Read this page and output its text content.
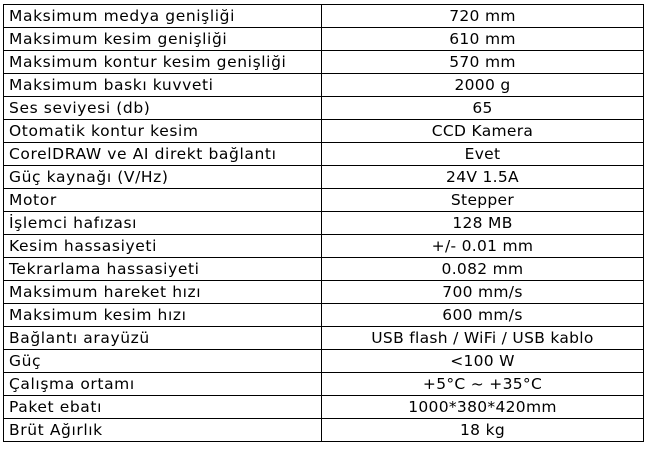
Maksimum medya genişliği	720 mm
Maksimum kesim genişliği	610 mm
Maksimum kontur kesim genişliği	570 mm
Maksimum baskı kuvveti	2000 g
Ses seviyesi (db)	65
Otomatik kontur kesim	CCD Kamera
CorelDRAW ve AI direkt bağlantı	Evet
Güç kaynağı (V/Hz)	24V 1.5A
Motor	Stepper
İşlemci hafızası	128 MB
Kesim hassasiyeti	+/- 0.01 mm
Tekrarlama hassasiyeti	0.082 mm
Maksimum hareket hızı	700 mm/s
Maksimum kesim hızı	600 mm/s
Bağlantı arayüzü	USB flash / WiFi / USB kablo
Güç	<100 W
Çalışma ortamı	+5°C ~ +35°C
Paket ebatı	1000*380*420mm
Brüt Ağırlık	18 kg
